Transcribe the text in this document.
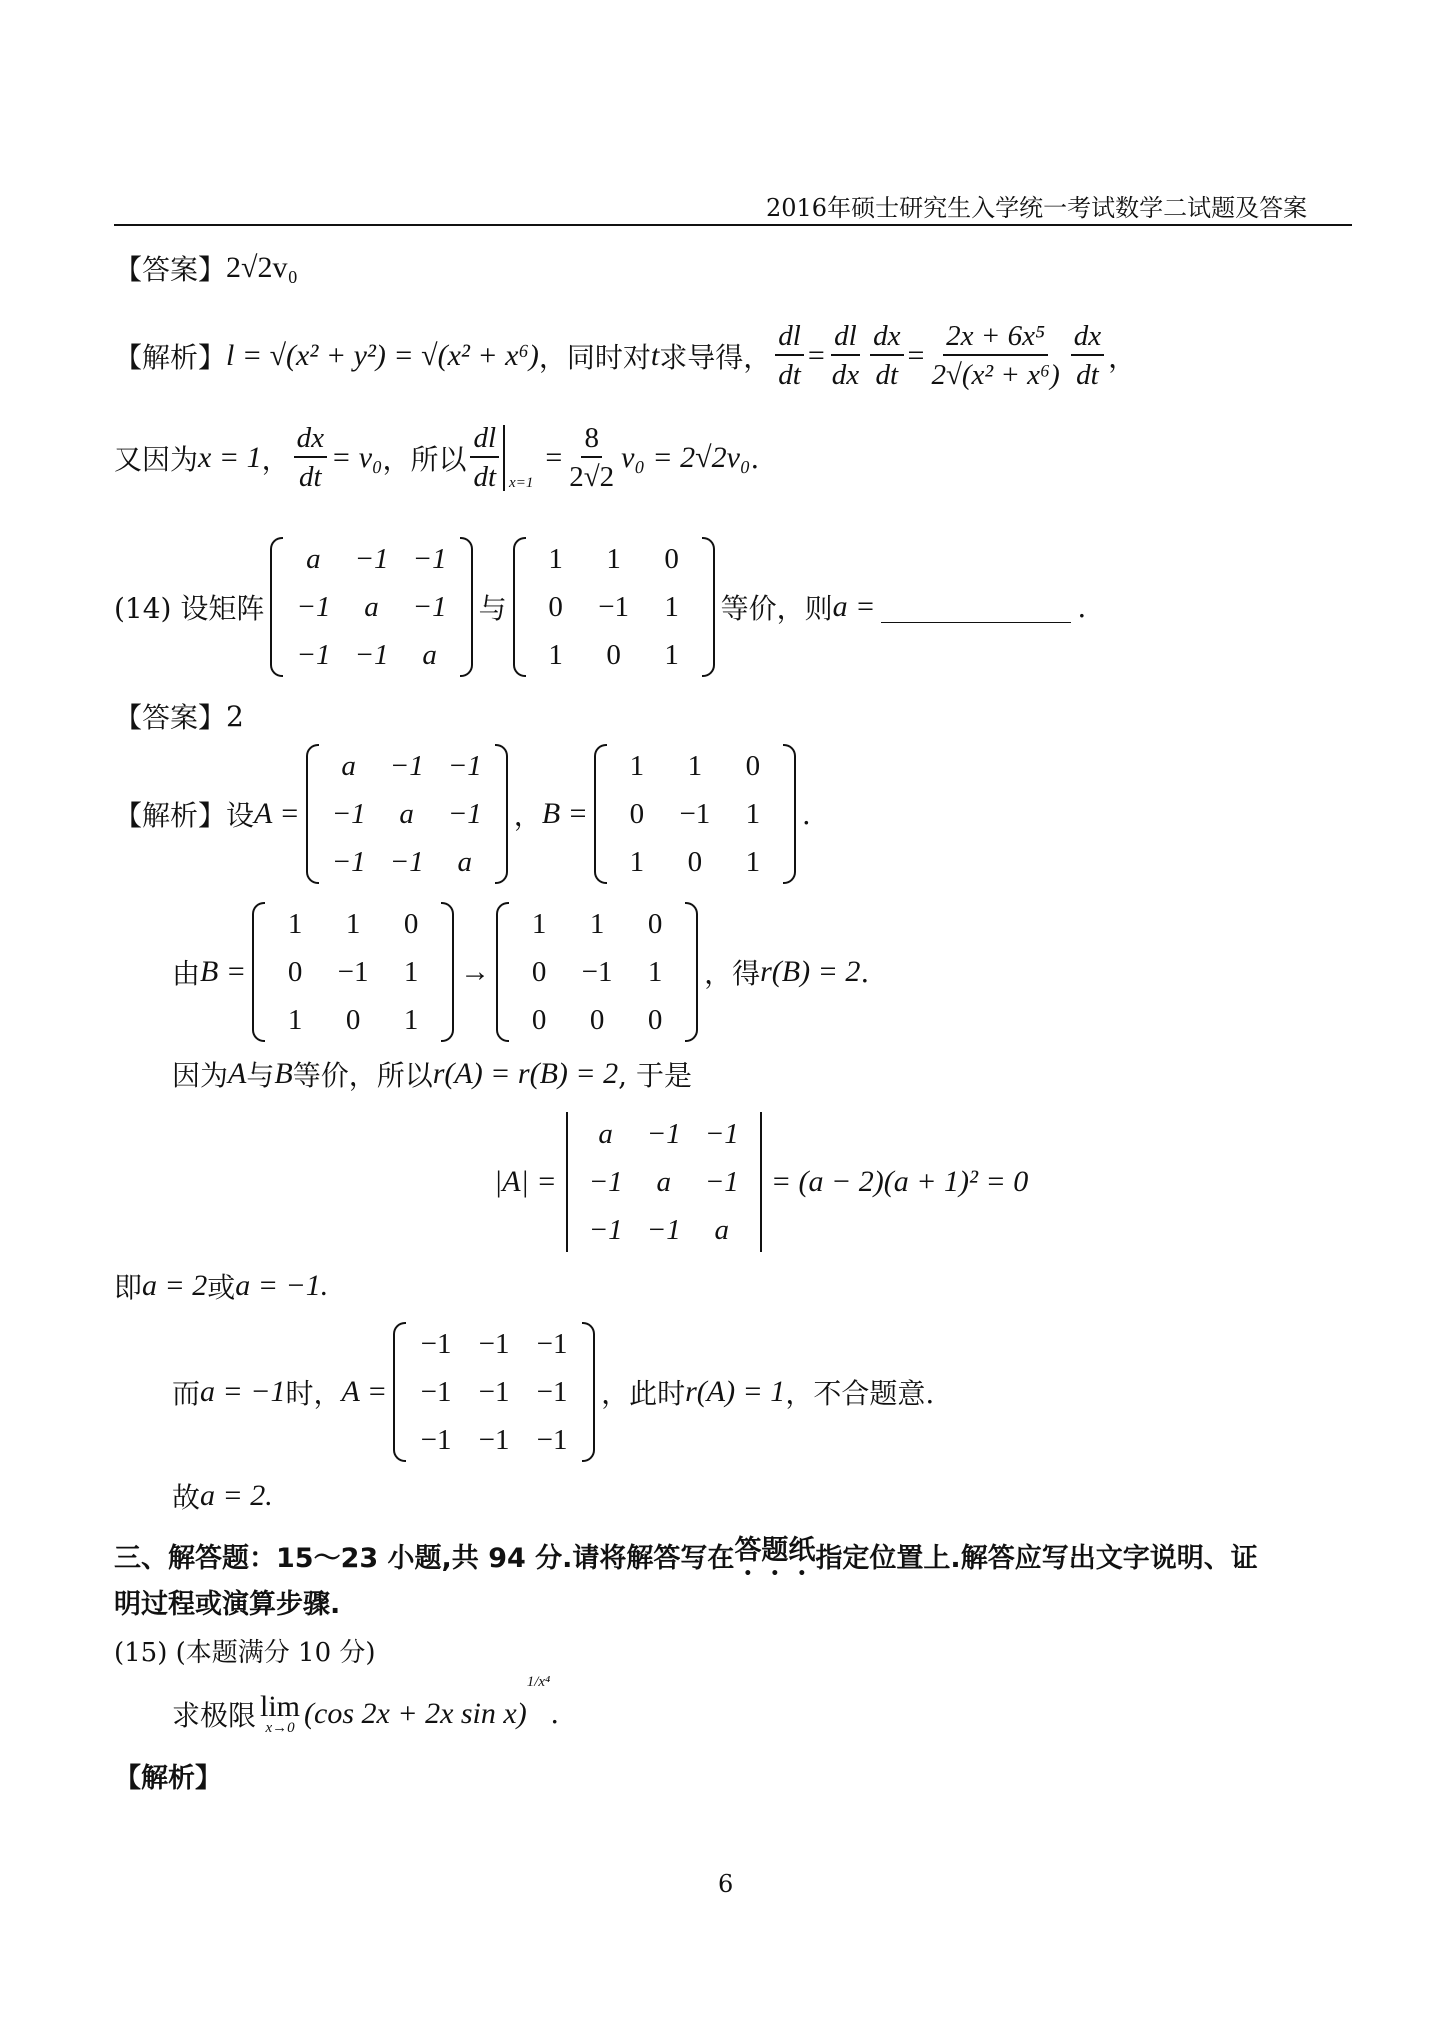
2016年硕士研究生入学统一考试数学二试题及答案
【答案】 2√2v₀
【解析】 l = √(x² + y²) = √(x² + x⁶) ，同时对 t 求导得， $\frac{dl}{dt} = \frac{dl}{dx} \frac{dx}{dt} = \frac{\text{2x + 6x⁵}}{\text{2√(x² + x⁶)}} \frac{dx}{dt}$ ，
又因为 x = 1 ， $\frac{dx}{dt} = v_0$ ，所以 $\frac{dl}{dt} x=1$
= $\frac{8}{2√2} v_0 = 2√2v_0$ .
(14) 设矩阵
a	−1	−1
−1	a	−1
−1	−1	a
与
1	1	0
0	−1	1
1	0	1
等价，则 a =	.
【答案】 2
【解析】 设 A =
a	−1	−1
−1	a	−1
−1	−1	a
， B =
1	1	0
0	−1	1
1	0	1
.
由 B =
1	1	0
0	−1	1
1	0	1
→
1	1	0
0	−1	1
0	0	0
，得 r(B) = 2 .
因为 A 与 B 等价，所以 r(A) = r(B) = 2 , 于是
|A| =
a	−1	−1
−1	a	−1
−1	−1	a
= (a − 2)(a + 1)² = 0
即 a = 2 或 a = −1.
而 a = −1 时， A =
−1	−1	−1
−1	−1	−1
−1	−1	−1
，此时 r(A) = 1 ，不合题意.
故 a = 2.
三、解答题：15～23 小题,共 94 分.请将解答写在 答题纸 指定位置上.解答应写出文字说明、证
明过程或演算步骤.
(15) (本题满分 10 分)
求极限 lim
x→0 (cos 2x + 2x sin x)
1/x⁴
.
【解析】
6
